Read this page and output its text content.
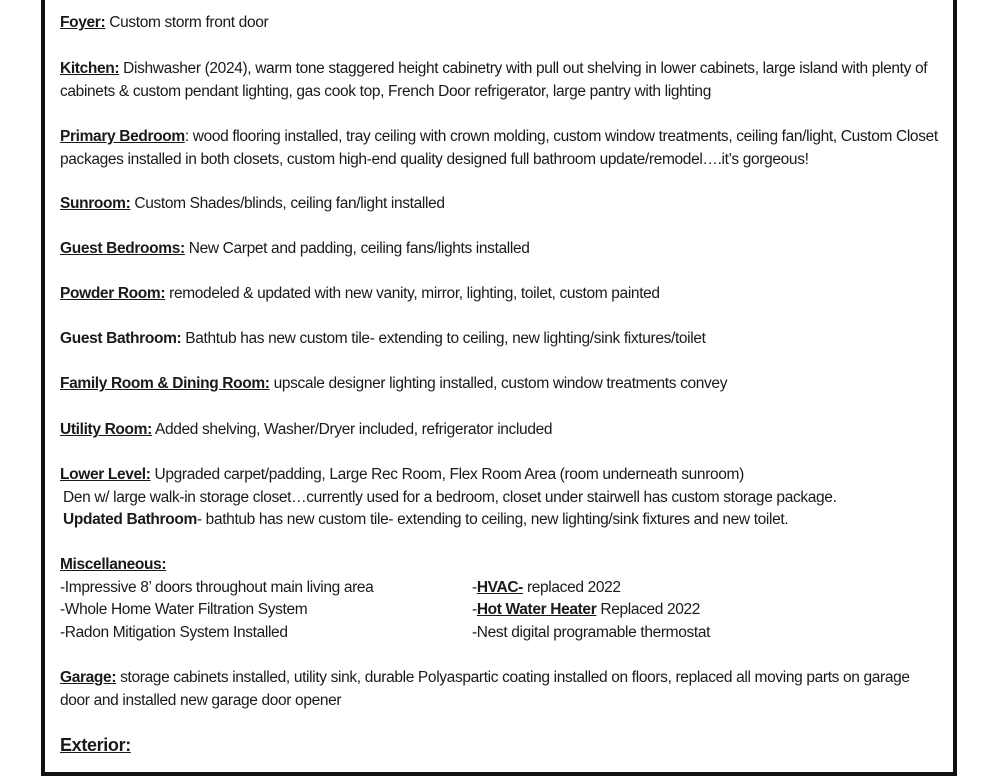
Foyer: Custom storm front door
Kitchen: Dishwasher (2024), warm tone staggered height cabinetry with pull out shelving in lower cabinets, large island with plenty of
cabinets & custom pendant lighting, gas cook top, French Door refrigerator, large pantry with lighting
Primary Bedroom: wood flooring installed, tray ceiling with crown molding, custom window treatments, ceiling fan/light, Custom Closet
packages installed in both closets, custom high-end quality designed full bathroom update/remodel….it’s gorgeous!
Sunroom: Custom Shades/blinds, ceiling fan/light installed
Guest Bedrooms: New Carpet and padding, ceiling fans/lights installed
Powder Room: remodeled & updated with new vanity, mirror, lighting, toilet, custom painted
Guest Bathroom: Bathtub has new custom tile- extending to ceiling, new lighting/sink fixtures/toilet
Family Room & Dining Room: upscale designer lighting installed, custom window treatments convey
Utility Room: Added shelving, Washer/Dryer included, refrigerator included
Lower Level: Upgraded carpet/padding, Large Rec Room, Flex Room Area (room underneath sunroom)
Den w/ large walk-in storage closet…currently used for a bedroom, closet under stairwell has custom storage package.
Updated Bathroom- bathtub has new custom tile- extending to ceiling, new lighting/sink fixtures and new toilet.
Miscellaneous:
-Impressive 8’ doors throughout main living area	-HVAC- replaced 2022
-Whole Home Water Filtration System	-Hot Water Heater Replaced 2022
-Radon Mitigation System Installed	-Nest digital programable thermostat
Garage: storage cabinets installed, utility sink, durable Polyaspartic coating installed on floors, replaced all moving parts on garage
door and installed new garage door opener
Exterior:
